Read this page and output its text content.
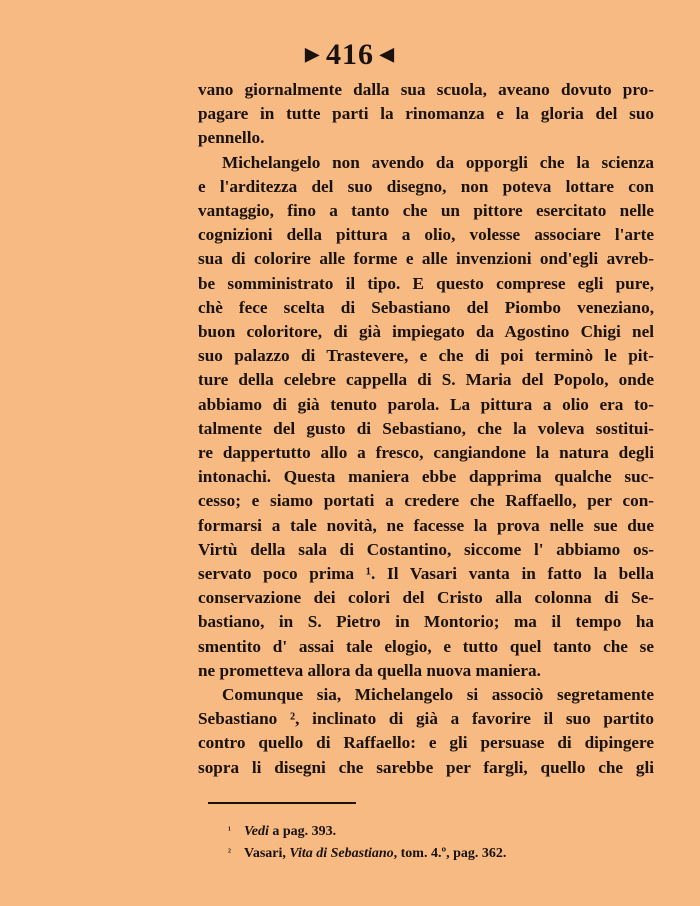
▶ 416 ◀
vano giornalmente dalla sua scuola, aveano dovuto pro-
pagare in tutte parti la rinomanza e la gloria del suo
pennello.
Michelangelo non avendo da opporgli che la scienza
e l'arditezza del suo disegno, non poteva lottare con
vantaggio, fino a tanto che un pittore esercitato nelle
cognizioni della pittura a olio, volesse associare l'arte
sua di colorire alle forme e alle invenzioni ond'egli avreb-
be somministrato il tipo. E questo comprese egli pure,
chè fece scelta di Sebastiano del Piombo veneziano,
buon coloritore, di già impiegato da Agostino Chigi nel
suo palazzo di Trastevere, e che di poi terminò le pit-
ture della celebre cappella di S. Maria del Popolo, onde
abbiamo di già tenuto parola. La pittura a olio era to-
talmente del gusto di Sebastiano, che la voleva sostitui-
re dappertutto allo a fresco, cangiandone la natura degli
intonachi. Questa maniera ebbe dapprima qualche suc-
cesso; e siamo portati a credere che Raffaello, per con-
formarsi a tale novità, ne facesse la prova nelle sue due
Virtù della sala di Costantino, siccome l' abbiamo os-
servato poco prima ¹. Il Vasari vanta in fatto la bella
conservazione dei colori del Cristo alla colonna di Se-
bastiano, in S. Pietro in Montorio; ma il tempo ha
smentito d' assai tale elogio, e tutto quel tanto che se
ne prometteva allora da quella nuova maniera.
Comunque sia, Michelangelo si associò segretamente
Sebastiano ², inclinato di già a favorire il suo partito
contro quello di Raffaello: e gli persuase di dipingere
sopra li disegni che sarebbe per fargli, quello che gli
¹ Vedi a pag. 393.
² Vasari, Vita di Sebastiano, tom. 4.º, pag. 362.
